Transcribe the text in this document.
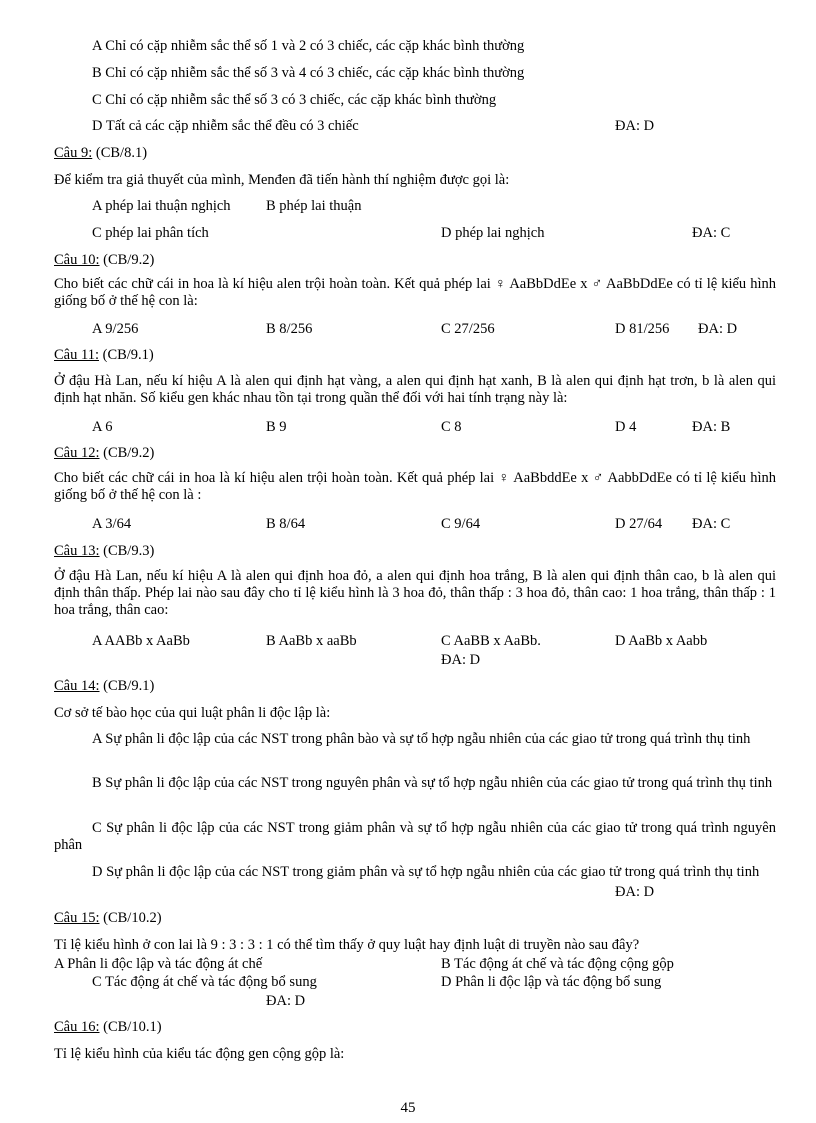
A Chỉ có cặp nhiễm sắc thể số 1 và 2 có 3 chiếc, các cặp khác bình thường
B Chỉ có cặp nhiễm sắc thể số 3 và 4 có 3 chiếc, các cặp khác bình thường
C Chỉ có cặp nhiễm sắc thể số 3 có 3 chiếc, các cặp khác bình thường
D Tất cả các cặp nhiễm sắc thể đều có 3 chiếc	ĐA: D
Câu 9: (CB/8.1)
Để kiểm tra giả thuyết của mình, Menđen đã tiến hành thí nghiệm được gọi là:
A phép lai thuận nghịch B phép lai thuận
C phép lai phân tích	D phép lai nghịch	ĐA: C
Câu 10: (CB/9.2)
Cho biết các chữ cái in hoa là kí hiệu alen trội hoàn toàn. Kết quả phép lai ♀ AaBbDdEe x ♂ AaBbDdEe có tỉ lệ kiểu hình giống bố ở thế hệ con là:
A 9/256	B 8/256	C 27/256	D 81/256 ĐA: D
Câu 11: (CB/9.1)
Ở đậu Hà Lan, nếu kí hiệu A là alen qui định hạt vàng, a alen qui định hạt xanh, B là alen qui định hạt trơn, b là alen qui định hạt nhăn. Số kiểu gen khác nhau tồn tại trong quần thể đối với hai tính trạng này là:
A 6	B 9	C 8	D 4	ĐA: B
Câu 12: (CB/9.2)
Cho biết các chữ cái in hoa là kí hiệu alen trội hoàn toàn. Kết quả phép lai ♀ AaBbddEe x ♂ AabbDdEe có tỉ lệ kiểu hình giống bố ở thế hệ con là :
A 3/64	B 8/64	C 9/64	D 27/64 ĐA: C
Câu 13: (CB/9.3)
Ở đậu Hà Lan, nếu kí hiệu A là alen qui định hoa đỏ, a alen qui định hoa trắng, B là alen qui định thân cao, b là alen qui định thân thấp. Phép lai nào sau đây cho tỉ lệ kiểu hình là 3 hoa đỏ, thân thấp : 3 hoa đỏ, thân cao: 1 hoa trắng, thân thấp : 1 hoa trắng, thân cao:
A AABb x AaBb	B AaBb x aaBb	C AaBB x AaBb.	D AaBb x Aabb
ĐA: D
Câu 14: (CB/9.1)
Cơ sở tế bào học của qui luật phân li độc lập là:
A Sự phân li độc lập của các NST trong phân bào và sự tổ hợp ngẫu nhiên của các giao tử trong quá trình thụ tinh
B Sự phân li độc lập của các NST trong nguyên phân và sự tổ hợp ngẫu nhiên của các giao tử trong quá trình thụ tinh
C Sự phân li độc lập của các NST trong giảm phân và sự tổ hợp ngẫu nhiên của các giao tử trong quá trình nguyên phân
D Sự phân li độc lập của các NST trong giảm phân và sự tổ hợp ngẫu nhiên của các giao tử trong quá trình thụ tinh
ĐA: D
Câu 15: (CB/10.2)
Tỉ lệ kiểu hình ở con lai là 9 : 3 : 3 : 1 có thể tìm thấy ở quy luật hay định luật di truyền nào sau đây?
A Phân li độc lập và tác động át chế	B Tác động át chế và tác động cộng gộp
C Tác động át chế và tác động bổ sung	D Phân li độc lập và tác động bổ sung
ĐA: D
Câu 16: (CB/10.1)
Tỉ lệ kiểu hình của kiểu tác động gen cộng gộp là:
45
